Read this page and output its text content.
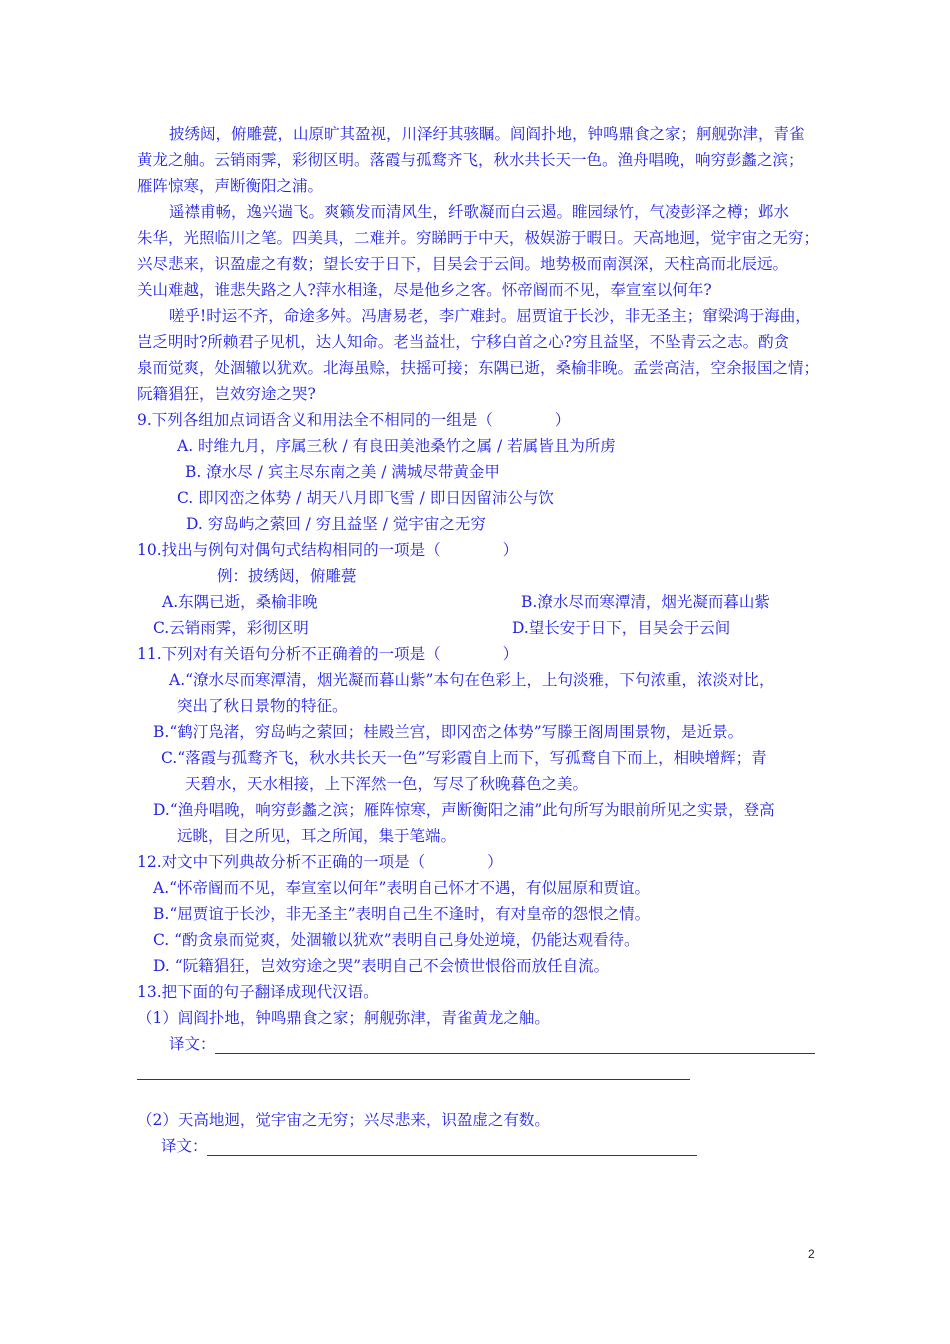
披绣闼，俯雕甍，山原旷其盈视，川泽纡其骇瞩。闾阎扑地，钟鸣鼎食之家；舸舰弥津，青雀
黄龙之舳。云销雨霁，彩彻区明。落霞与孤鹜齐飞，秋水共长天一色。渔舟唱晚，响穷彭蠡之滨；
雁阵惊寒，声断衡阳之浦。
遥襟甫畅，逸兴遄飞。爽籁发而清风生，纤歌凝而白云遏。睢园绿竹，气凌彭泽之樽；邺水
朱华，光照临川之笔。四美具，二难并。穷睇眄于中天，极娱游于暇日。天高地迥，觉宇宙之无穷；
兴尽悲来，识盈虚之有数；望长安于日下，目吴会于云间。地势极而南溟深，天柱高而北辰远。
关山难越，谁悲失路之人?萍水相逢，尽是他乡之客。怀帝阍而不见，奉宣室以何年?
嗟乎!时运不齐，命途多舛。冯唐易老，李广难封。屈贾谊于长沙，非无圣主；窜梁鸿于海曲，
岂乏明时?所赖君子见机，达人知命。老当益壮，宁移白首之心?穷且益坚，不坠青云之志。酌贪
泉而觉爽，处涸辙以犹欢。北海虽赊，扶摇可接；东隅已逝，桑榆非晚。孟尝高洁，空余报国之情；
阮籍猖狂，岂效穷途之哭?
9.下列各组加点词语含义和用法全不相同的一组是（　　　　）
A. 时维九月，序属三秋 / 有良田美池桑竹之属 / 若属皆且为所虏
B. 潦水尽 / 宾主尽东南之美 / 满城尽带黄金甲
C. 即冈峦之体势 / 胡天八月即飞雪 / 即日因留沛公与饮
D. 穷岛屿之萦回 / 穷且益坚 / 觉宇宙之无穷
10.找出与例句对偶句式结构相同的一项是（　　　　）
例：披绣闼，俯雕甍
A.东隅已逝，桑榆非晚	B.潦水尽而寒潭清，烟光凝而暮山紫
C.云销雨霁，彩彻区明	D.望长安于日下，目吴会于云间
11.下列对有关语句分析不正确着的一项是（　　　　）
A.“潦水尽而寒潭清，烟光凝而暮山紫”本句在色彩上，上句淡雅，下句浓重，浓淡对比，
突出了秋日景物的特征。
B.“鹤汀凫渚，穷岛屿之萦回；桂殿兰宫，即冈峦之体势”写滕王阁周围景物，是近景。
C.“落霞与孤鹜齐飞，秋水共长天一色”写彩霞自上而下，写孤鹜自下而上，相映增辉；青
天碧水，天水相接，上下浑然一色，写尽了秋晚暮色之美。
D.“渔舟唱晚，响穷彭蠡之滨；雁阵惊寒，声断衡阳之浦”此句所写为眼前所见之实景，登高
远眺，目之所见，耳之所闻，集于笔端。
12.对文中下列典故分析不正确的一项是（　　　　）
A.“怀帝阍而不见，奉宣室以何年”表明自己怀才不遇，有似屈原和贾谊。
B.“屈贾谊于长沙，非无圣主”表明自己生不逢时，有对皇帝的怨恨之情。
C. “酌贪泉而觉爽，处涸辙以犹欢”表明自己身处逆境，仍能达观看待。
D. “阮籍猖狂，岂效穷途之哭”表明自己不会愤世恨俗而放任自流。
13.把下面的句子翻译成现代汉语。
（1）闾阎扑地，钟鸣鼎食之家；舸舰弥津，青雀黄龙之舳。
译文：
（2）天高地迥，觉宇宙之无穷；兴尽悲来，识盈虚之有数。
译文：
2
